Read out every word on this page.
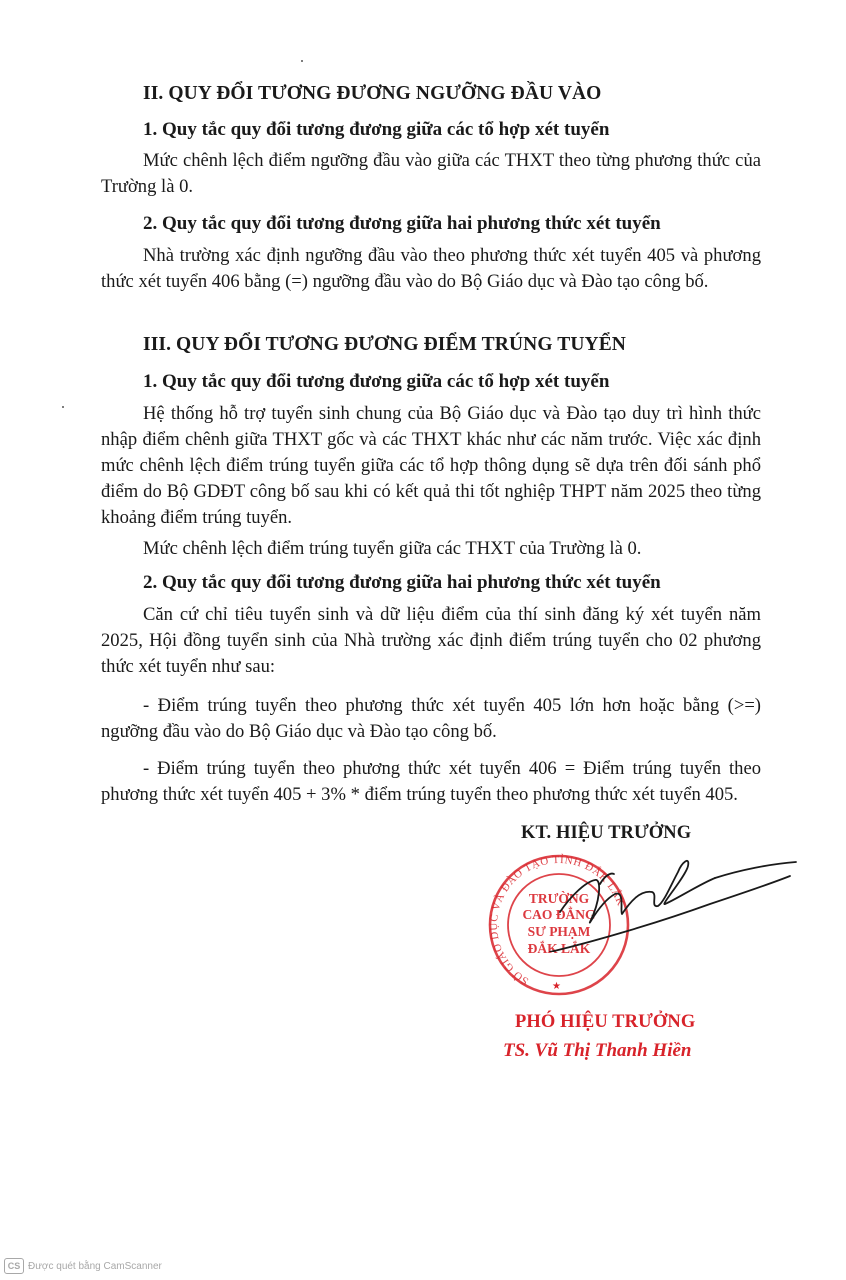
II. QUY ĐỔI TƯƠNG ĐƯƠNG NGƯỠNG ĐẦU VÀO
1. Quy tắc quy đổi tương đương giữa các tổ hợp xét tuyển
Mức chênh lệch điểm ngưỡng đầu vào giữa các THXT theo từng phương thức của Trường là 0.
2. Quy tắc quy đổi tương đương giữa hai phương thức xét tuyển
Nhà trường xác định ngưỡng đầu vào theo phương thức xét tuyển 405 và phương thức xét tuyển 406 bằng (=) ngưỡng đầu vào do Bộ Giáo dục và Đào tạo công bố.
III. QUY ĐỔI TƯƠNG ĐƯƠNG ĐIỂM TRÚNG TUYỂN
1. Quy tắc quy đổi tương đương giữa các tổ hợp xét tuyển
Hệ thống hỗ trợ tuyển sinh chung của Bộ Giáo dục và Đào tạo duy trì hình thức nhập điểm chênh giữa THXT gốc và các THXT khác như các năm trước. Việc xác định mức chênh lệch điểm trúng tuyển giữa các tổ hợp thông dụng sẽ dựa trên đối sánh phổ điểm do Bộ GDĐT công bố sau khi có kết quả thi tốt nghiệp THPT năm 2025 theo từng khoảng điểm trúng tuyển.
Mức chênh lệch điểm trúng tuyển giữa các THXT của Trường là 0.
2. Quy tắc quy đổi tương đương giữa hai phương thức xét tuyển
Căn cứ chỉ tiêu tuyển sinh và dữ liệu điểm của thí sinh đăng ký xét tuyển năm 2025, Hội đồng tuyển sinh của Nhà trường xác định điểm trúng tuyển cho 02 phương thức xét tuyển như sau:
- Điểm trúng tuyển theo phương thức xét tuyển 405 lớn hơn hoặc bằng (>=) ngưỡng đầu vào do Bộ Giáo dục và Đào tạo công bố.
- Điểm trúng tuyển theo phương thức xét tuyển 406 = Điểm trúng tuyển theo phương thức xét tuyển 405 + 3% * điểm trúng tuyển theo phương thức xét tuyển 405.
KT. HIỆU TRƯỞNG
SỞ GIÁO DỤC VÀ ĐÀO TẠO TỈNH ĐẮK LẮK
TRƯỜNG
CAO ĐẲNG
SƯ PHẠM
ĐẮK LẮK
★
PHÓ HIỆU TRƯỞNG
TS. Vũ Thị Thanh Hiền
CS Được quét bằng CamScanner
